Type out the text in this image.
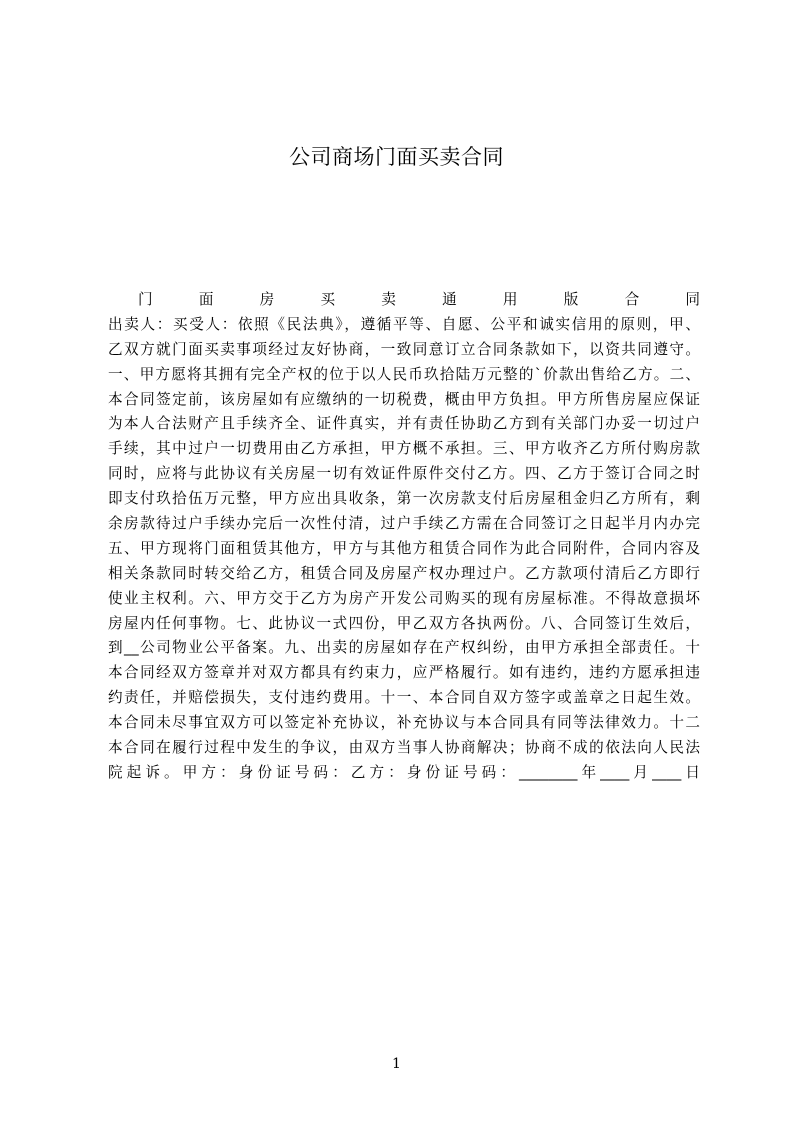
公司商场门面买卖合同
门 面 房 买 卖 通 用 版 合 同
出卖人：买受人：依照《民法典》，遵循平等、自愿、公平和诚实信用的原则，甲、
乙双方就门面买卖事项经过友好协商，一致同意订立合同条款如下，以资共同遵守。
一、甲方愿将其拥有完全产权的位于以人民币玖拾陆万元整的`价款出售给乙方。二、
本合同签定前，该房屋如有应缴纳的一切税费，概由甲方负担。甲方所售房屋应保证
为本人合法财产且手续齐全、证件真实，并有责任协助乙方到有关部门办妥一切过户
手续，其中过户一切费用由乙方承担，甲方概不承担。三、甲方收齐乙方所付购房款
同时，应将与此协议有关房屋一切有效证件原件交付乙方。四、乙方于签订合同之时
即支付玖拾伍万元整，甲方应出具收条，第一次房款支付后房屋租金归乙方所有，剩
余房款待过户手续办完后一次性付清，过户手续乙方需在合同签订之日起半月内办完
五、甲方现将门面租赁其他方，甲方与其他方租赁合同作为此合同附件，合同内容及
相关条款同时转交给乙方，租赁合同及房屋产权办理过户。乙方款项付清后乙方即行
使业主权利。六、甲方交于乙方为房产开发公司购买的现有房屋标准。不得故意损坏
房屋内任何事物。七、此协议一式四份，甲乙双方各执两份。八、合同签订生效后，
到__公司物业公平备案。九、出卖的房屋如存在产权纠纷，由甲方承担全部责任。十
本合同经双方签章并对双方都具有约束力，应严格履行。如有违约，违约方愿承担违
约责任，并赔偿损失，支付违约费用。十一、本合同自双方签字或盖章之日起生效。
本合同未尽事宜双方可以签定补充协议，补充协议与本合同具有同等法律效力。十二
本合同在履行过程中发生的争议，由双方当事人协商解决；协商不成的依法向人民法
院起诉。甲方：身份证号码：乙方：身份证号码：________年____月____日
1
